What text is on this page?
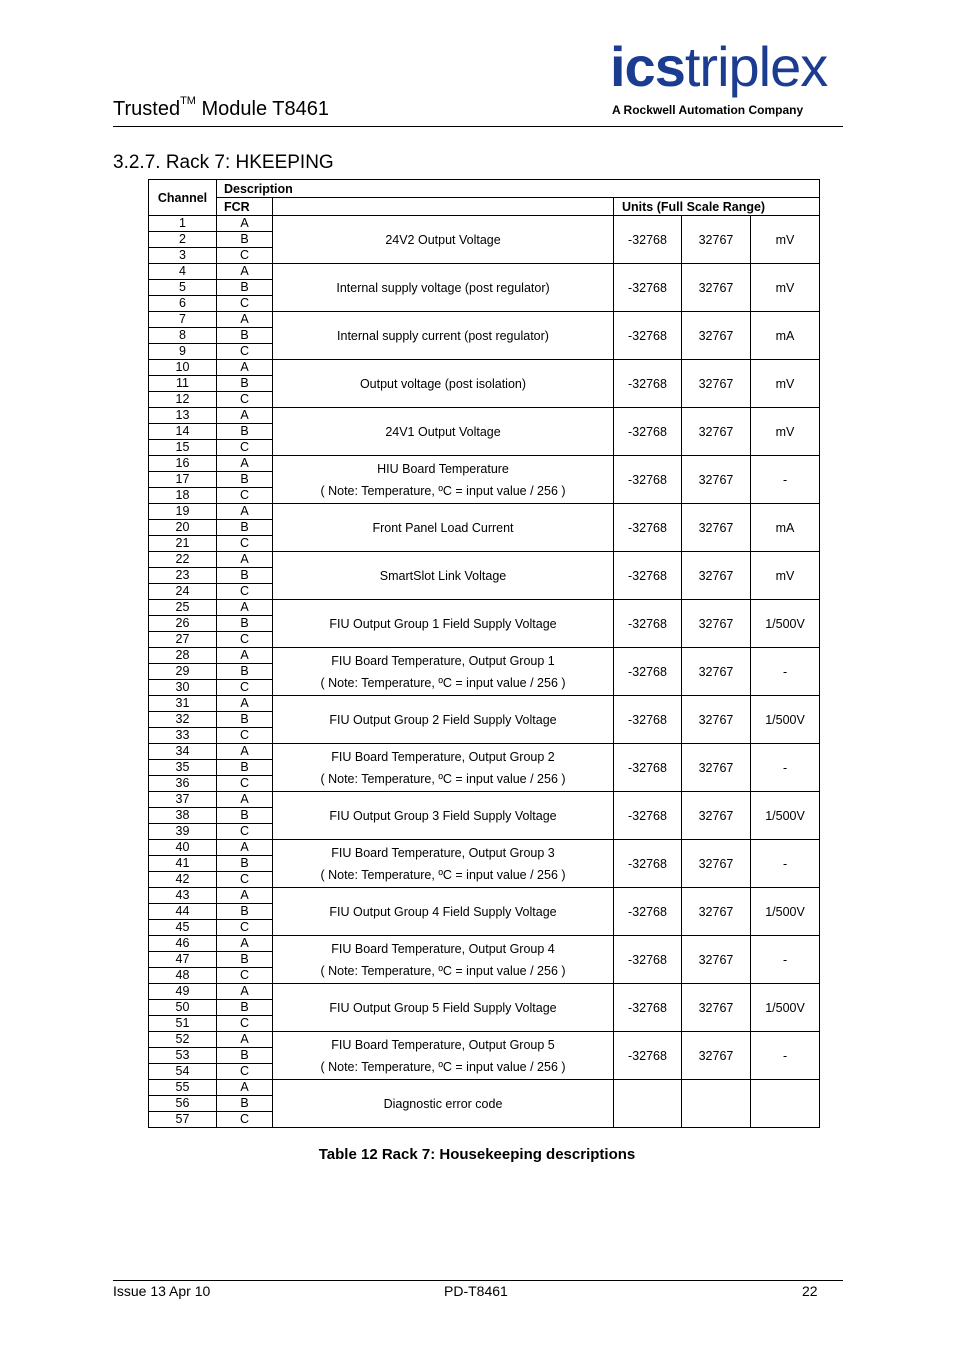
Trusted™ Module T8461
icstriplex
A Rockwell Automation Company
3.2.7. Rack 7: HKEEPING
Channel	Description				
	FCR		Units (Full Scale Range)		
1	A	24V2 Output Voltage	-32768	32767	mV
2	B				
3	C				
4	A	Internal supply voltage (post regulator)	-32768	32767	mV
5	B				
6	C				
7	A	Internal supply current (post regulator)	-32768	32767	mA
8	B				
9	C				
10	A	Output voltage (post isolation)	-32768	32767	mV
11	B				
12	C				
13	A	24V1 Output Voltage	-32768	32767	mV
14	B				
15	C				
16	A	HIU Board Temperature
( Note: Temperature, ºC = input value / 256 )	-32768	32767	-
17	B				
18	C				
19	A	Front Panel Load Current	-32768	32767	mA
20	B				
21	C				
22	A	SmartSlot Link Voltage	-32768	32767	mV
23	B				
24	C				
25	A	FIU Output Group 1 Field Supply Voltage	-32768	32767	1/500V
26	B				
27	C				
28	A	FIU Board Temperature, Output Group 1
( Note: Temperature, ºC = input value / 256 )	-32768	32767	-
29	B				
30	C				
31	A	FIU Output Group 2 Field Supply Voltage	-32768	32767	1/500V
32	B				
33	C				
34	A	FIU Board Temperature, Output Group 2
( Note: Temperature, ºC = input value / 256 )	-32768	32767	-
35	B				
36	C				
37	A	FIU Output Group 3 Field Supply Voltage	-32768	32767	1/500V
38	B				
39	C				
40	A	FIU Board Temperature, Output Group 3
( Note: Temperature, ºC = input value / 256 )	-32768	32767	-
41	B				
42	C				
43	A	FIU Output Group 4 Field Supply Voltage	-32768	32767	1/500V
44	B				
45	C				
46	A	FIU Board Temperature, Output Group 4
( Note: Temperature, ºC = input value / 256 )	-32768	32767	-
47	B				
48	C				
49	A	FIU Output Group 5 Field Supply Voltage	-32768	32767	1/500V
50	B				
51	C				
52	A	FIU Board Temperature, Output Group 5
( Note: Temperature, ºC = input value / 256 )	-32768	32767	-
53	B				
54	C				
55	A	Diagnostic error code			

56	B				
57	C				
Table 12 Rack 7: Housekeeping descriptions
Issue 13 Apr 10	PD-T8461	22
